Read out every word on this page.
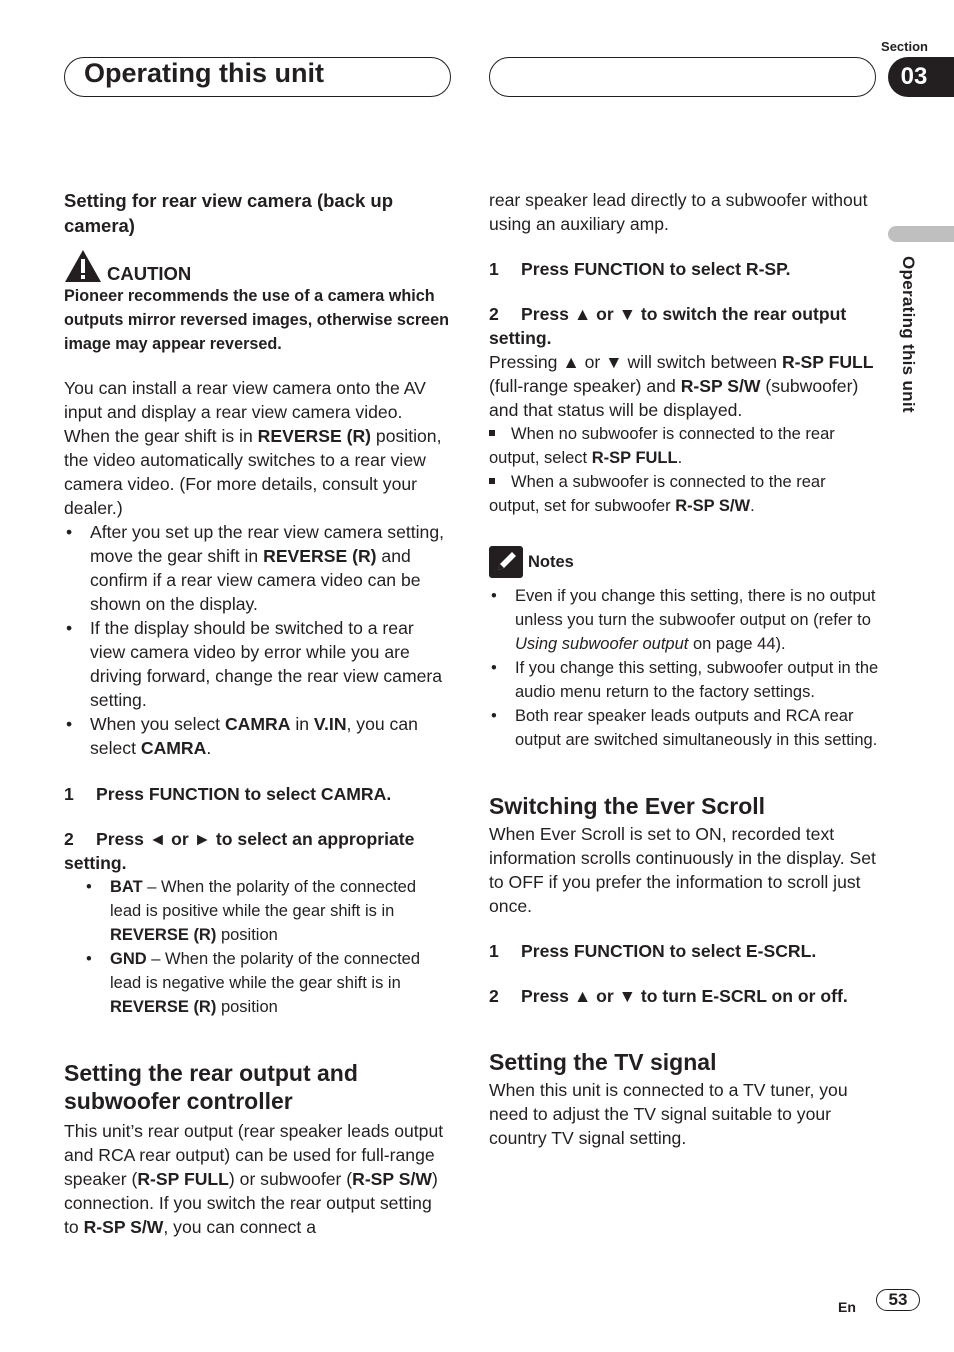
Operating this unit
Section
03
Operating this unit
Setting for rear view camera (back up camera)
CAUTION

Pioneer recommends the use of a camera which outputs mirror reversed images, otherwise screen image may appear reversed.

You can install a rear view camera onto the AV input and display a rear view camera video. When the gear shift is in REVERSE (R) position, the video automatically switches to a rear view camera video. (For more details, consult your dealer.)

• After you set up the rear view camera setting, move the gear shift in REVERSE (R) and confirm if a rear view camera video can be shown on the display.
• If the display should be switched to a rear view camera video by error while you are driving forward, change the rear view camera setting.
• When you select CAMRA in V.IN, you can select CAMRA.
1 Press FUNCTION to select CAMRA.
2 Press ◄ or ► to select an appropriate setting.
• BAT – When the polarity of the connected lead is positive while the gear shift is in REVERSE (R) position
• GND – When the polarity of the connected lead is negative while the gear shift is in REVERSE (R) position
Setting the rear output and subwoofer controller

This unit’s rear output (rear speaker leads output and RCA rear output) can be used for full-range speaker (R-SP FULL) or subwoofer (R-SP S/W) connection. If you switch the rear output setting to R-SP S/W, you can connect a

rear speaker lead directly to a subwoofer without using an auxiliary amp.

1 Press FUNCTION to select R-SP.
2 Press ▲ or ▼ to switch the rear output setting.

Pressing ▲ or ▼ will switch between R-SP FULL (full-range speaker) and R-SP S/W (subwoofer) and that status will be displayed.

When no subwoofer is connected to the rear output, select R-SP FULL.
When a subwoofer is connected to the rear output, set for subwoofer R-SP S/W.
Notes
• Even if you change this setting, there is no output unless you turn the subwoofer output on (refer to Using subwoofer output on page 44).
• If you change this setting, subwoofer output in the audio menu return to the factory settings.
• Both rear speaker leads outputs and RCA rear output are switched simultaneously in this setting.
Switching the Ever Scroll

When Ever Scroll is set to ON, recorded text information scrolls continuously in the display. Set to OFF if you prefer the information to scroll just once.

1 Press FUNCTION to select E-SCRL.
2 Press ▲ or ▼ to turn E-SCRL on or off.
Setting the TV signal

When this unit is connected to a TV tuner, you need to adjust the TV signal suitable to your country TV signal setting.

En	53
